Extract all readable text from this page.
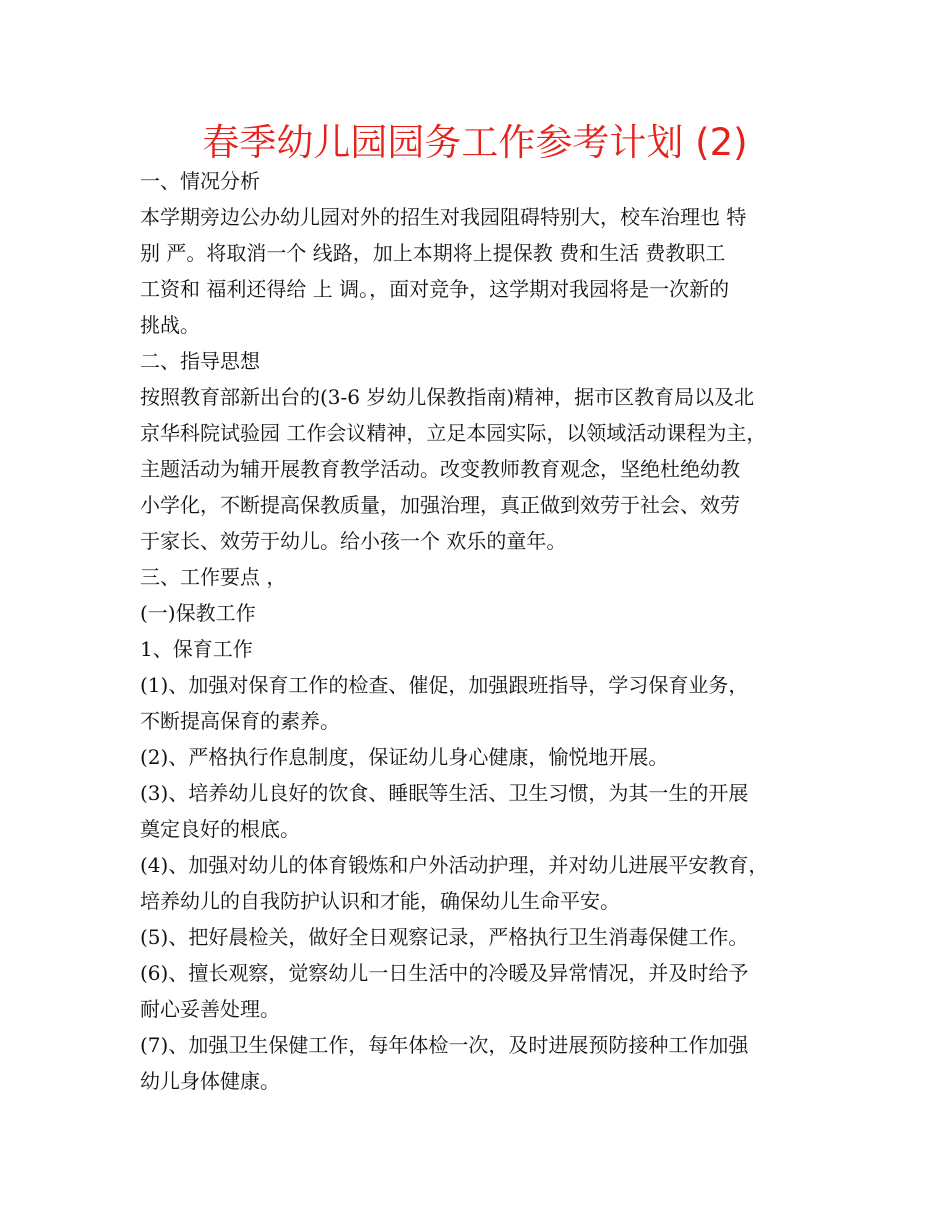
春季幼儿园园务工作参考计划 (2)

一、情况分析

本学期旁边公办幼儿园对外的招生对我园阻碍特别大，校车治理也 特

别 严。将取消一个 线路，加上本期将上提保教 费和生活 费教职工

工资和 福利还得给 上 调。，面对竞争，这学期对我园将是一次新的

挑战。

二、指导思想

按照教育部新出台的(3-6 岁幼儿保教指南)精神，据市区教育局以及北

京华科院试验园 工作会议精神，立足本园实际，以领域活动课程为主，

主题活动为辅开展教育教学活动。改变教师教育观念，坚绝杜绝幼教

小学化，不断提高保教质量，加强治理，真正做到效劳于社会、效劳

于家长、效劳于幼儿。给小孩一个 欢乐的童年。

三、工作要点 ，

(一)保教工作

1、保育工作

(1)、加强对保育工作的检查、催促，加强跟班指导，学习保育业务，

不断提高保育的素养。

(2)、严格执行作息制度，保证幼儿身心健康，愉悦地开展。

(3)、培养幼儿良好的饮食、睡眠等生活、卫生习惯，为其一生的开展

奠定良好的根底。

(4)、加强对幼儿的体育锻炼和户外活动护理，并对幼儿进展平安教育，

培养幼儿的自我防护认识和才能，确保幼儿生命平安。

(5)、把好晨检关，做好全日观察记录，严格执行卫生消毒保健工作。

(6)、擅长观察，觉察幼儿一日生活中的冷暖及异常情况，并及时给予

耐心妥善处理。

(7)、加强卫生保健工作，每年体检一次，及时进展预防接种工作加强

幼儿身体健康。
